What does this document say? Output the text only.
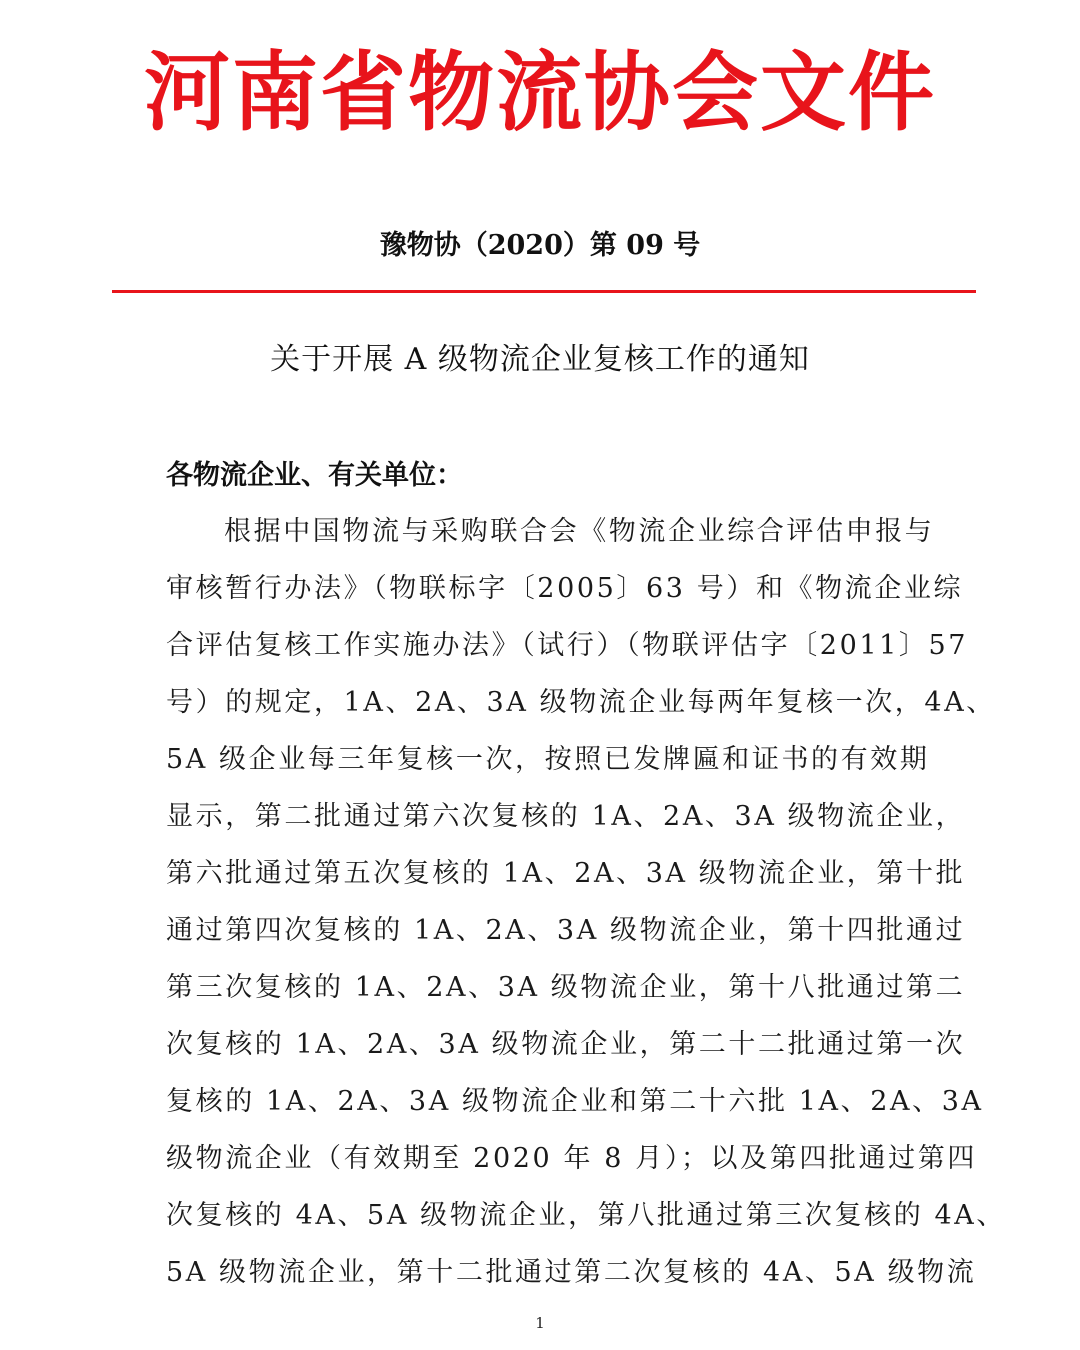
河南省物流协会文件
豫物协（2020）第 09 号
关于开展 A 级物流企业复核工作的通知
各物流企业、有关单位：
根据中国物流与采购联合会《物流企业综合评估申报与
审核暂行办法》（物联标字〔2005〕63 号）和《物流企业综
合评估复核工作实施办法》（试行）（物联评估字〔2011〕57
号）的规定，1A、2A、3A 级物流企业每两年复核一次，4A、
5A 级企业每三年复核一次，按照已发牌匾和证书的有效期
显示，第二批通过第六次复核的 1A、2A、3A 级物流企业，
第六批通过第五次复核的 1A、2A、3A 级物流企业，第十批
通过第四次复核的 1A、2A、3A 级物流企业，第十四批通过
第三次复核的 1A、2A、3A 级物流企业，第十八批通过第二
次复核的 1A、2A、3A 级物流企业，第二十二批通过第一次
复核的 1A、2A、3A 级物流企业和第二十六批 1A、2A、3A
级物流企业（有效期至 2020 年 8 月）；以及第四批通过第四
次复核的 4A、5A 级物流企业，第八批通过第三次复核的 4A、
5A 级物流企业，第十二批通过第二次复核的 4A、5A 级物流
1
